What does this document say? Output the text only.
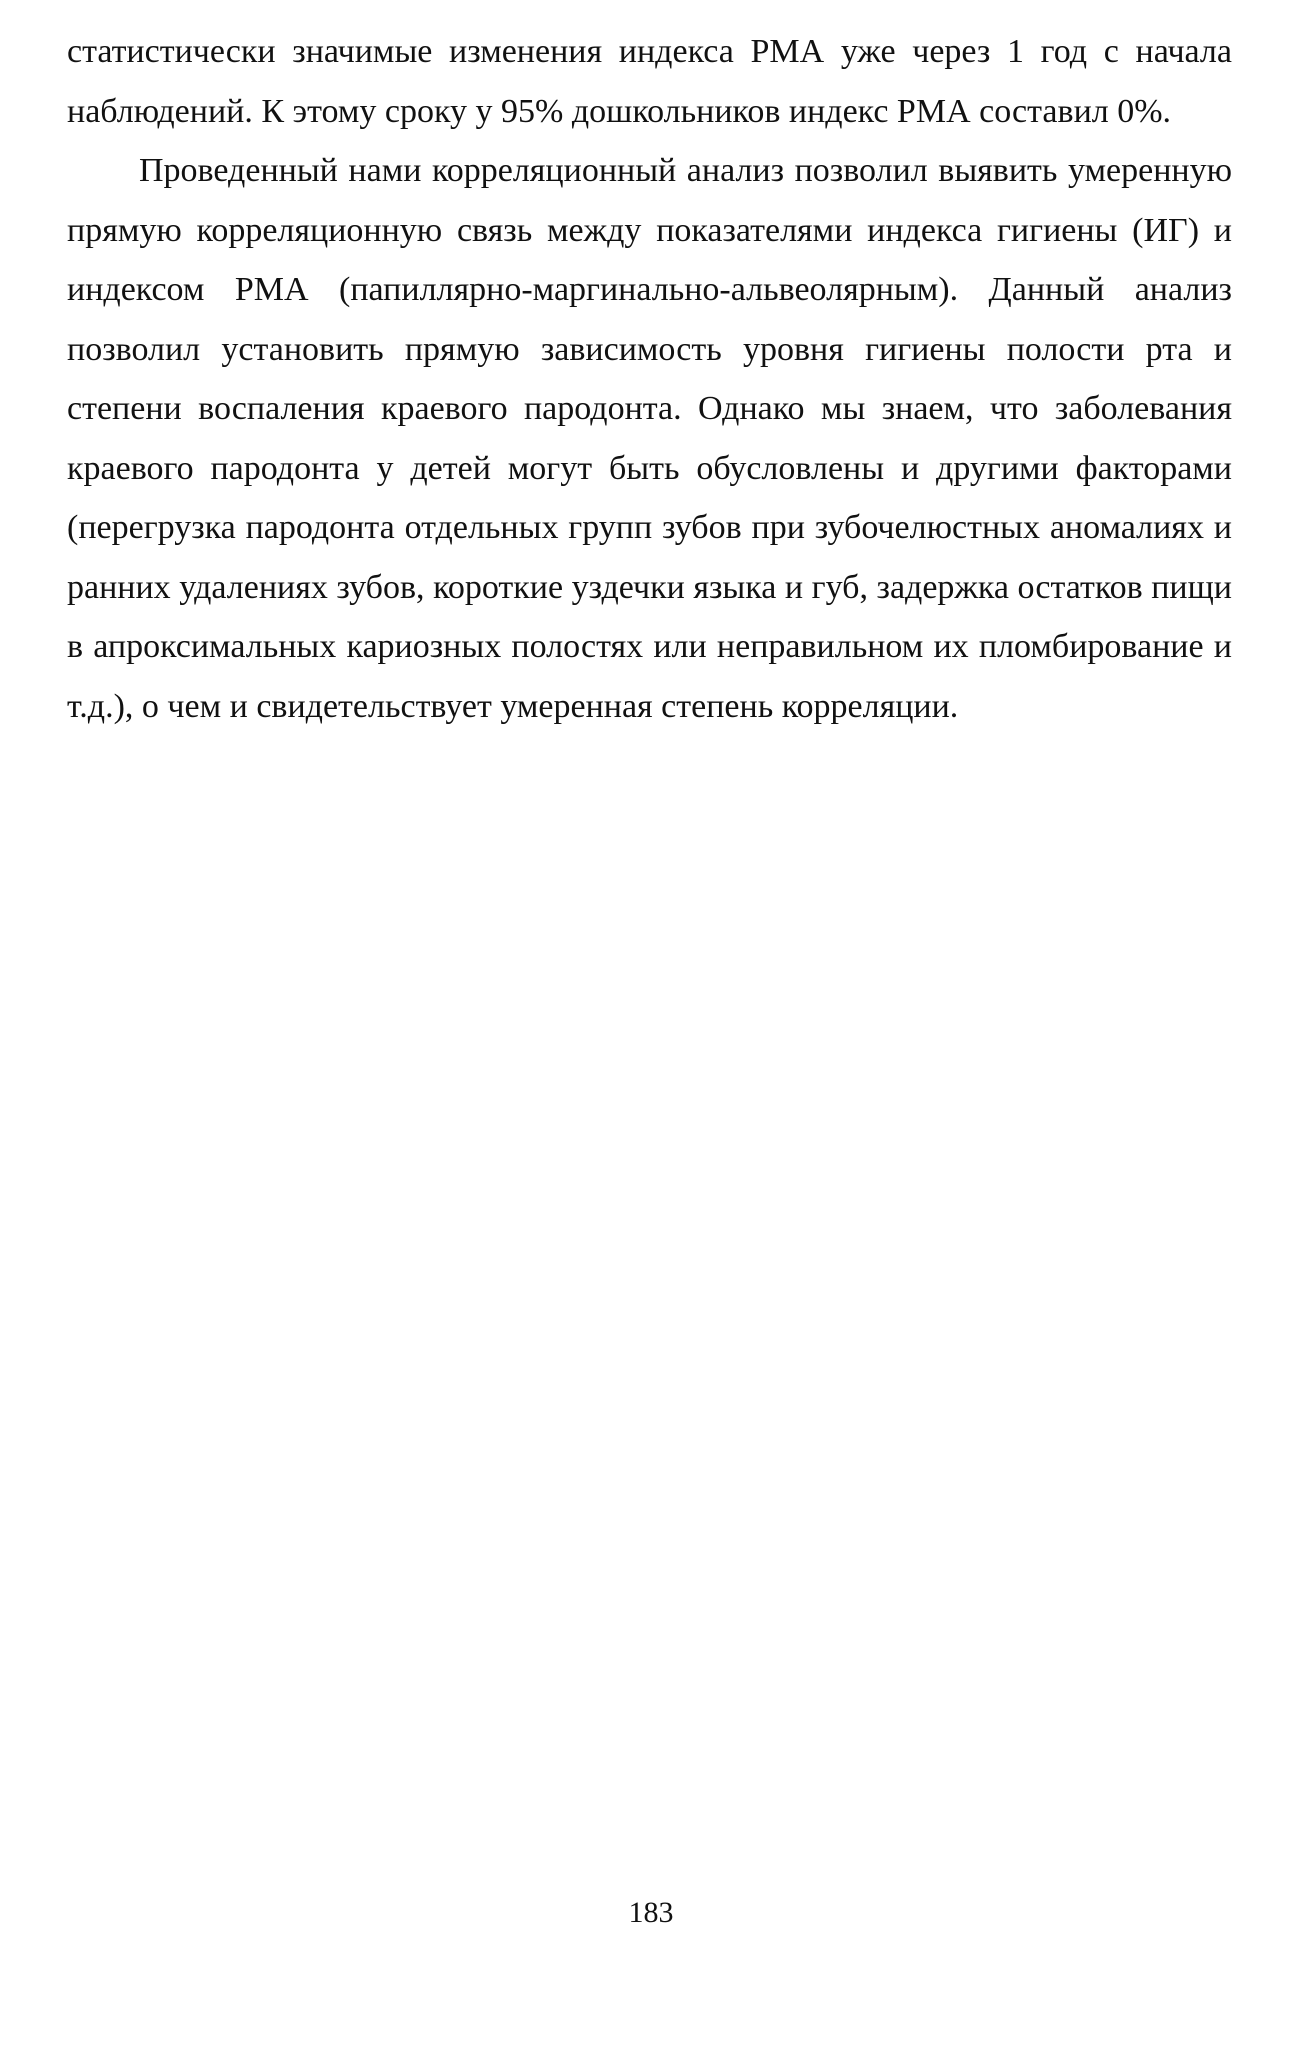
статистически значимые изменения индекса РМА уже через 1 год с начала наблюдений. К этому сроку у 95% дошкольников индекс РМА составил 0%.

Проведенный нами корреляционный анализ позволил выявить умеренную прямую корреляционную связь между показателями индекса гигиены (ИГ) и индексом РМА (папиллярно-маргинально-альвеолярным). Данный анализ позволил установить прямую зависимость уровня гигиены полости рта и степени воспаления краевого пародонта. Однако мы знаем, что заболевания краевого пародонта у детей могут быть обусловлены и другими факторами (перегрузка пародонта отдельных групп зубов при зубочелюстных аномалиях и ранних удалениях зубов, короткие уздечки языка и губ, задержка остатков пищи в апроксимальных кариозных полостях или неправильном их пломбирование и т.д.), о чем и свидетельствует умеренная степень корреляции.

183
